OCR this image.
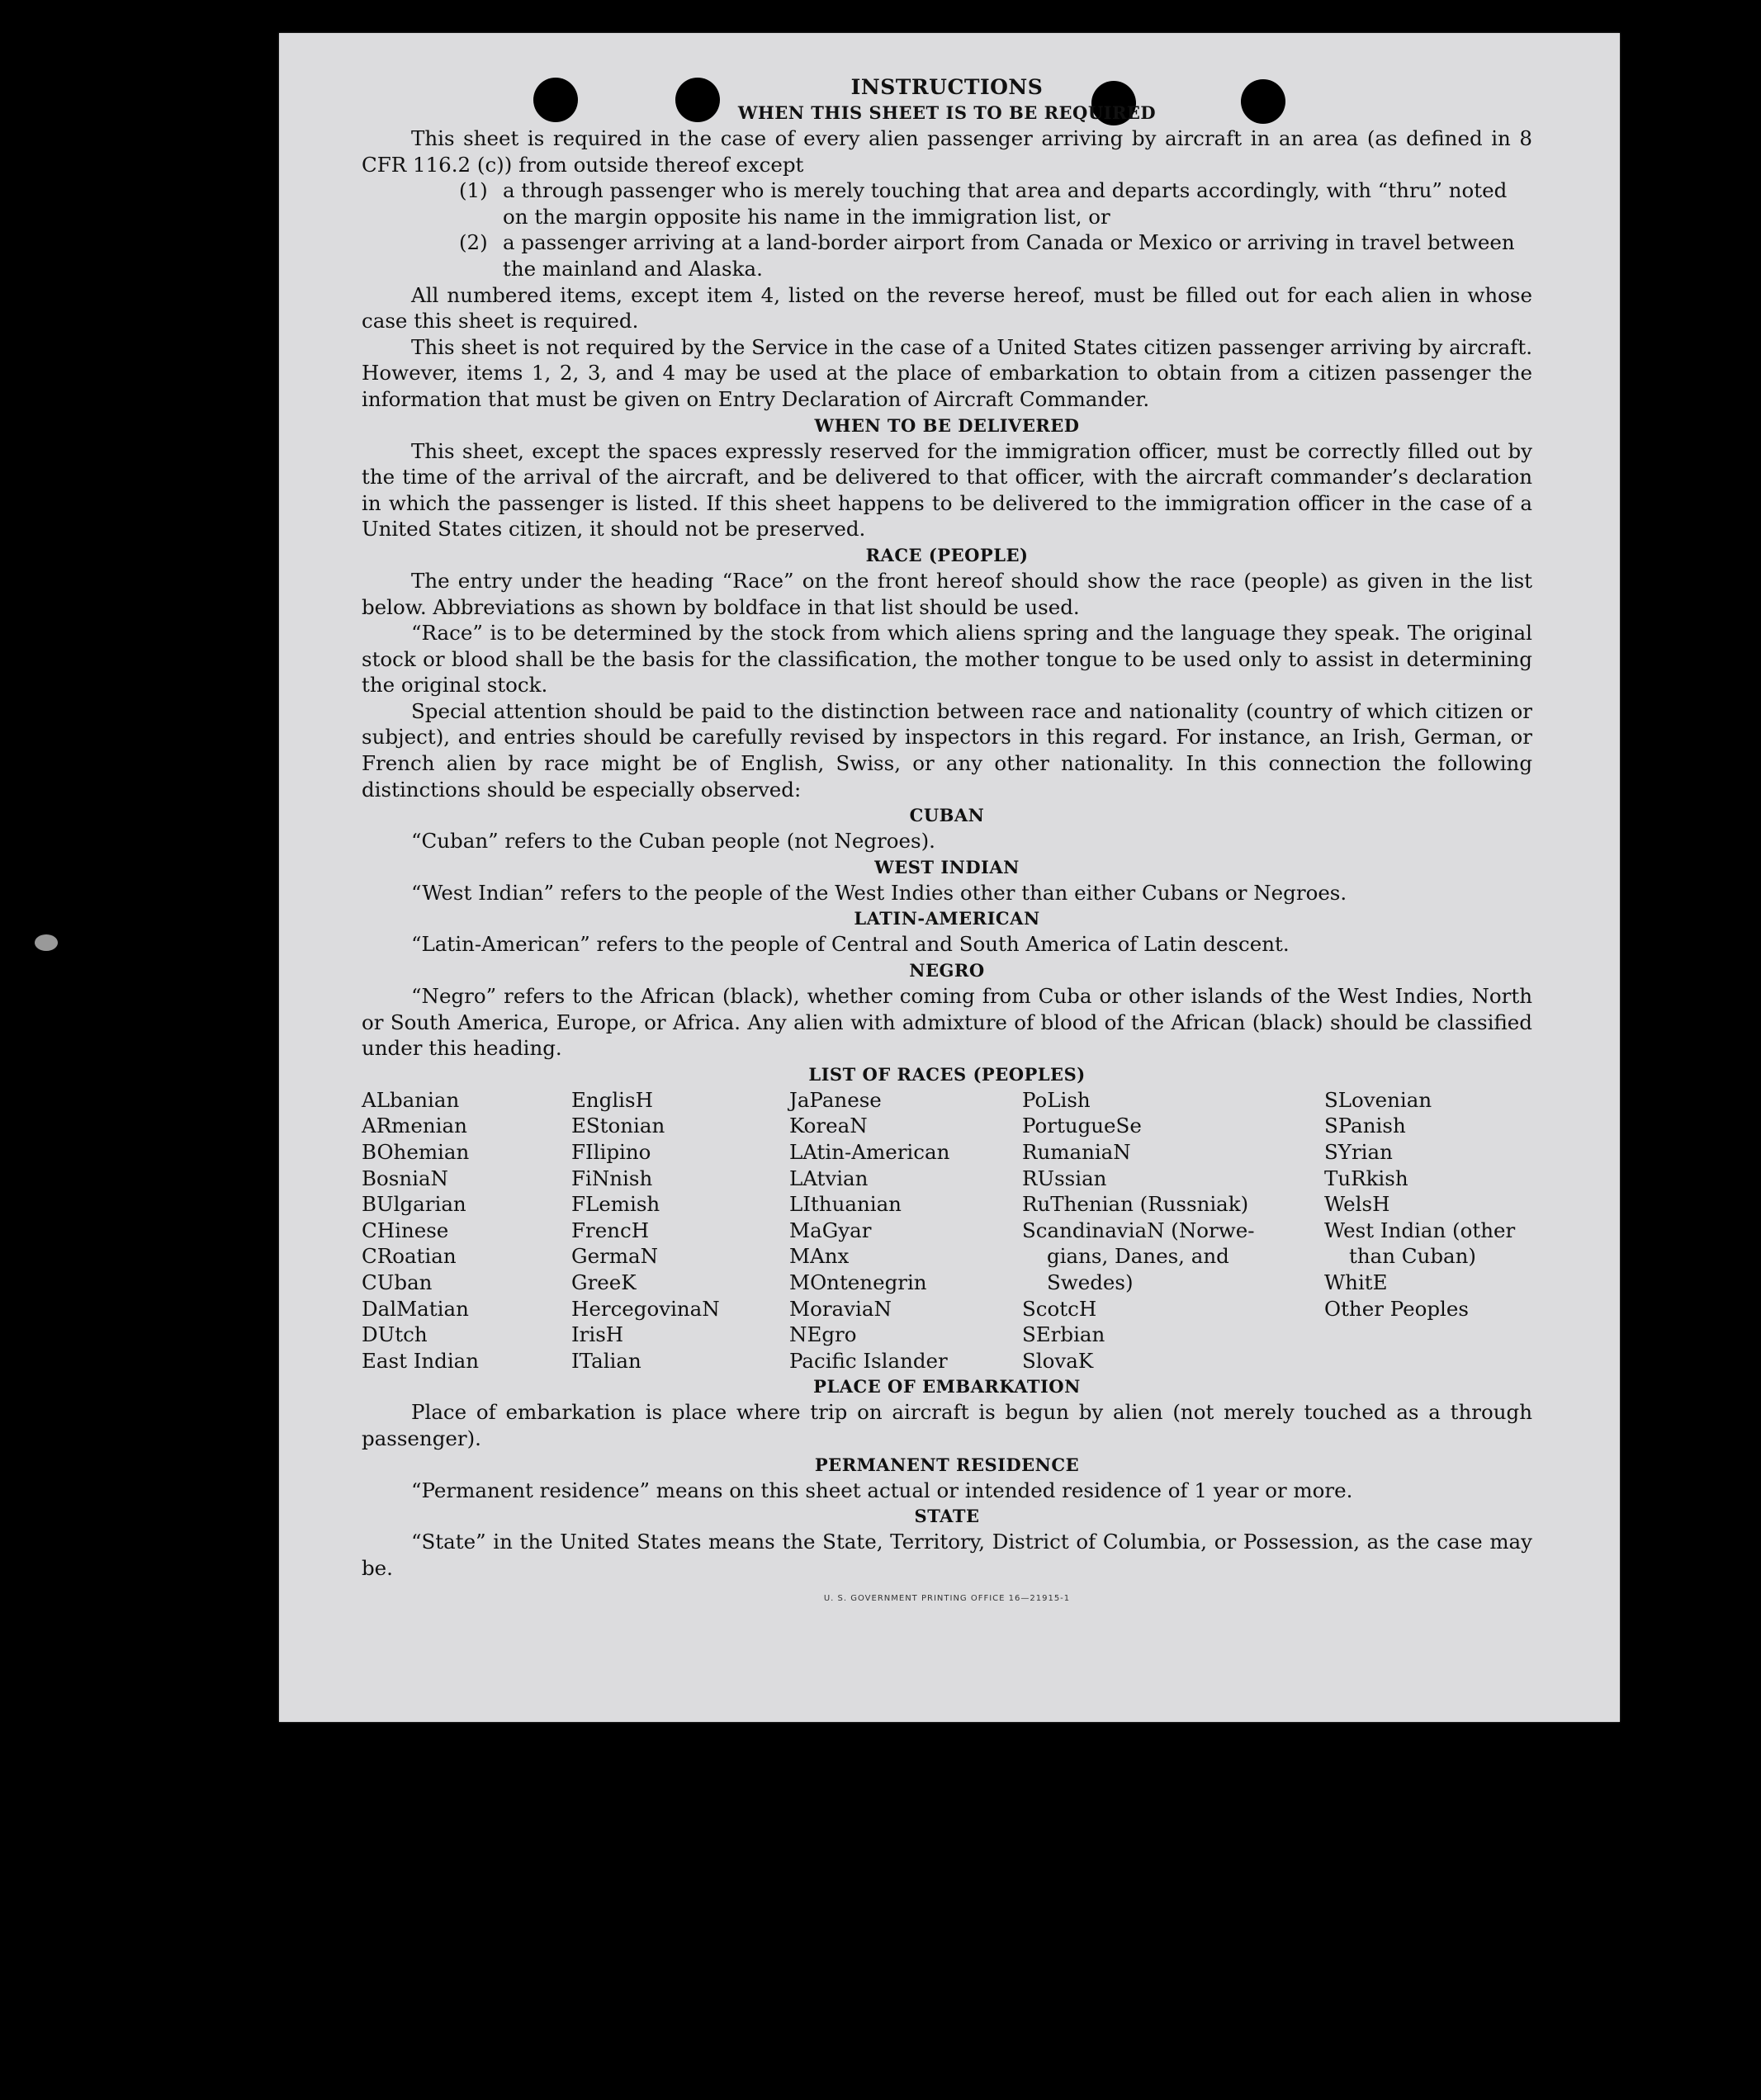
INSTRUCTIONS
WHEN THIS SHEET IS TO BE REQUIRED

This sheet is required in the case of every alien passenger arriving by aircraft in an area (as defined in 8 CFR 116.2 (c)) from outside thereof except

(1) a through passenger who is merely touching that area and departs accordingly, with “thru” noted on the margin opposite his name in the immigration list, or
(2) a passenger arriving at a land-border airport from Canada or Mexico or arriving in travel between the mainland and Alaska.

All numbered items, except item 4, listed on the reverse hereof, must be filled out for each alien in whose case this sheet is required.

This sheet is not required by the Service in the case of a United States citizen passenger arriving by aircraft. However, items 1, 2, 3, and 4 may be used at the place of embarkation to obtain from a citizen passenger the information that must be given on Entry Declaration of Aircraft Commander.

WHEN TO BE DELIVERED

This sheet, except the spaces expressly reserved for the immigration officer, must be correctly filled out by the time of the arrival of the aircraft, and be delivered to that officer, with the aircraft commander’s declaration in which the passenger is listed. If this sheet happens to be delivered to the immigration officer in the case of a United States citizen, it should not be preserved.

RACE (PEOPLE)

The entry under the heading “Race” on the front hereof should show the race (people) as given in the list below. Abbreviations as shown by boldface in that list should be used.

“Race” is to be determined by the stock from which aliens spring and the language they speak. The original stock or blood shall be the basis for the classification, the mother tongue to be used only to assist in determining the original stock.

Special attention should be paid to the distinction between race and nationality (country of which citizen or subject), and entries should be carefully revised by inspectors in this regard. For instance, an Irish, German, or French alien by race might be of English, Swiss, or any other nationality. In this connection the following distinctions should be especially observed:

CUBAN

“Cuban” refers to the Cuban people (not Negroes).

WEST INDIAN

“West Indian” refers to the people of the West Indies other than either Cubans or Negroes.

LATIN-AMERICAN

“Latin-American” refers to the people of Central and South America of Latin descent.

NEGRO

“Negro” refers to the African (black), whether coming from Cuba or other islands of the West Indies, North or South America, Europe, or Africa. Any alien with admixture of blood of the African (black) should be classified under this heading.

LIST OF RACES (PEOPLES)
ALbanian
ARmenian
BOhemian
BosniaN
BUlgarian
CHinese
CRoatian
CUban
DalMatian
DUtch
East Indian
EnglisH
EStonian
FIlipino
FiNnish
FLemish
FrencH
GermaN
GreeK
HercegovinaN
IrisH
ITalian
JaPanese
KoreaN
LAtin-American
LAtvian
LIthuanian
MaGyar
MAnx
MOntenegrin
MoraviaN
NEgro
Pacific Islander
PoLish
PortugueSe
RumaniaN
RUssian
RuThenian (Russniak)
ScandinaviaN (Norwe-
gians, Danes, and
Swedes)
ScotcH
SErbian
SlovaK
SLovenian
SPanish
SYrian
TuRkish
WelsH
West Indian (other
than Cuban)
WhitE
Other Peoples
PLACE OF EMBARKATION

Place of embarkation is place where trip on aircraft is begun by alien (not merely touched as a through passenger).

PERMANENT RESIDENCE

“Permanent residence” means on this sheet actual or intended residence of 1 year or more.

STATE

“State” in the United States means the State, Territory, District of Columbia, or Possession, as the case may be.

U. S. GOVERNMENT PRINTING OFFICE 16—21915-1
